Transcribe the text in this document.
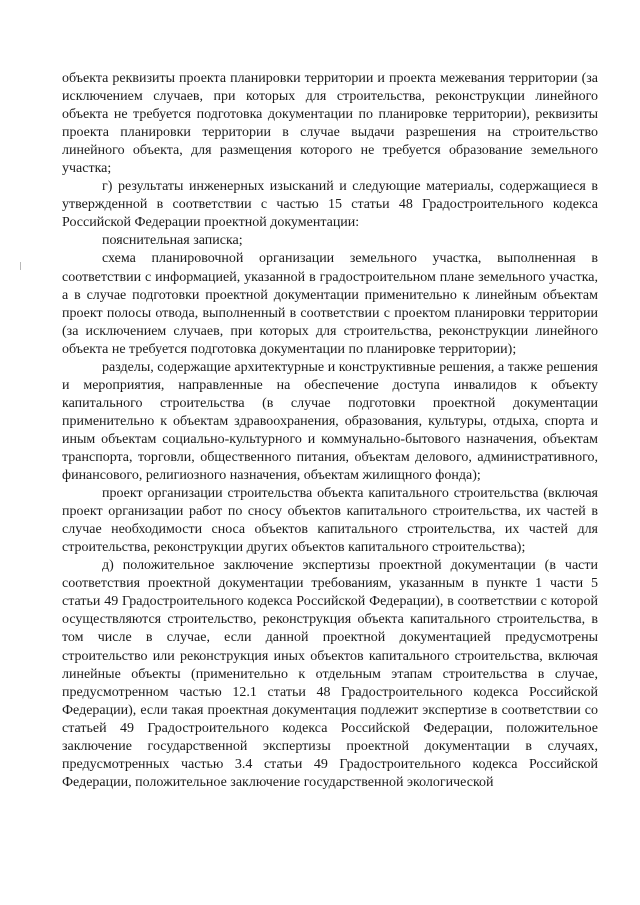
объекта реквизиты проекта планировки территории и проекта межевания территории (за исключением случаев, при которых для строительства, реконструкции линейного объекта не требуется подготовка документации по планировке территории), реквизиты проекта планировки территории в случае выдачи разрешения на строительство линейного объекта, для размещения которого не требуется образование земельного участка;

г) результаты инженерных изысканий и следующие материалы, содержащиеся в утвержденной в соответствии с частью 15 статьи 48 Градостроительного кодекса Российской Федерации проектной документации:

пояснительная записка;

схема планировочной организации земельного участка, выполненная в соответствии с информацией, указанной в градостроительном плане земельного участка, а в случае подготовки проектной документации применительно к линейным объектам проект полосы отвода, выполненный в соответствии с проектом планировки территории (за исключением случаев, при которых для строительства, реконструкции линейного объекта не требуется подготовка документации по планировке территории);

разделы, содержащие архитектурные и конструктивные решения, а также решения и мероприятия, направленные на обеспечение доступа инвалидов к объекту капитального строительства (в случае подготовки проектной документации применительно к объектам здравоохранения, образования, культуры, отдыха, спорта и иным объектам социально-культурного и коммунально-бытового назначения, объектам транспорта, торговли, общественного питания, объектам делового, административного, финансового, религиозного назначения, объектам жилищного фонда);

проект организации строительства объекта капитального строительства (включая проект организации работ по сносу объектов капитального строительства, их частей в случае необходимости сноса объектов капитального строительства, их частей для строительства, реконструкции других объектов капитального строительства);

д) положительное заключение экспертизы проектной документации (в части соответствия проектной документации требованиям, указанным в пункте 1 части 5 статьи 49 Градостроительного кодекса Российской Федерации), в соответствии с которой осуществляются строительство, реконструкция объекта капитального строительства, в том числе в случае, если данной проектной документацией предусмотрены строительство или реконструкция иных объектов капитального строительства, включая линейные объекты (применительно к отдельным этапам строительства в случае, предусмотренном частью 12.1 статьи 48 Градостроительного кодекса Российской Федерации), если такая проектная документация подлежит экспертизе в соответствии со статьей 49 Градостроительного кодекса Российской Федерации, положительное заключение государственной экспертизы проектной документации в случаях, предусмотренных частью 3.4 статьи 49 Градостроительного кодекса Российской Федерации, положительное заключение государственной экологической
